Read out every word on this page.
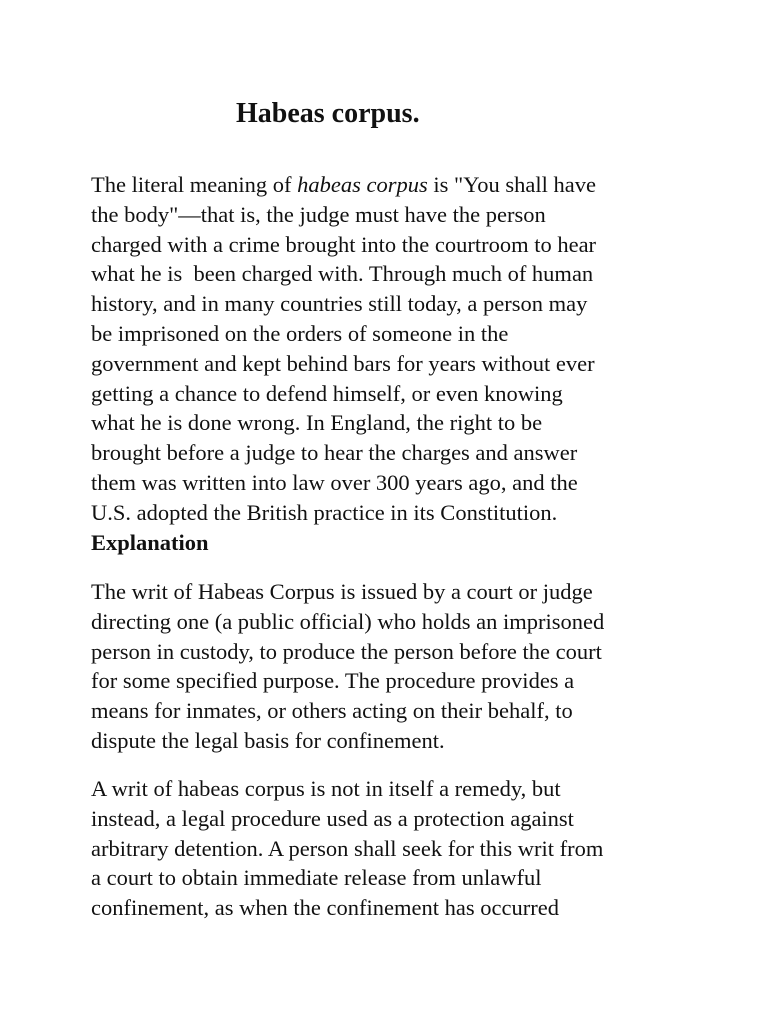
Habeas corpus.

The literal meaning of habeas corpus is "You shall have
the body"—that is, the judge must have the person
charged with a crime brought into the courtroom to hear
what he is  been charged with. Through much of human
history, and in many countries still today, a person may
be imprisoned on the orders of someone in the
government and kept behind bars for years without ever
getting a chance to defend himself, or even knowing
what he is done wrong. In England, the right to be
brought before a judge to hear the charges and answer
them was written into law over 300 years ago, and the
U.S. adopted the British practice in its Constitution.

Explanation

The writ of Habeas Corpus is issued by a court or judge
directing one (a public official) who holds an imprisoned
person in custody, to produce the person before the court
for some specified purpose. The procedure provides a
means for inmates, or others acting on their behalf, to
dispute the legal basis for confinement.

A writ of habeas corpus is not in itself a remedy, but
instead, a legal procedure used as a protection against
arbitrary detention. A person shall seek for this writ from
a court to obtain immediate release from unlawful
confinement, as when the confinement has occurred
